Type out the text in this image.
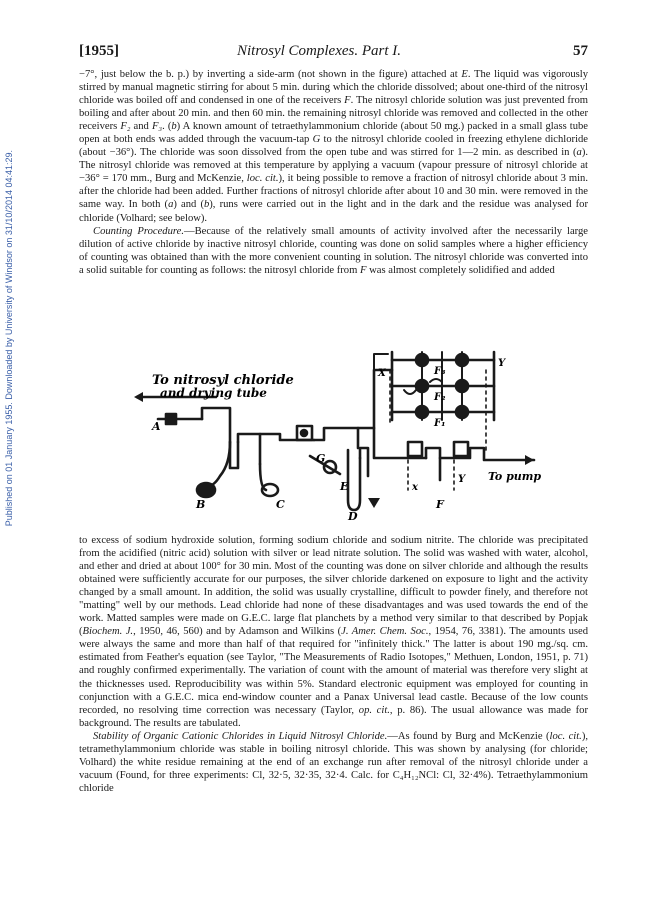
Published on 01 January 1955. Downloaded by University of Windsor on 31/10/2014 04:41:29.
[1955]	Nitrosyl Complexes. Part I.	57

−7°, just below the b. p.) by inverting a side-arm (not shown in the figure) attached at E. The liquid was vigorously stirred by manual magnetic stirring for about 5 min. during which the chloride dissolved; about one-third of the nitrosyl chloride was boiled off and condensed in one of the receivers F. The nitrosyl chloride solution was just prevented from boiling and after about 20 min. and then 60 min. the remaining nitrosyl chloride was removed and collected in the other receivers F₂ and F₃. (b) A known amount of tetraethylammonium chloride (about 50 mg.) packed in a small glass tube open at both ends was added through the vacuum-tap G to the nitrosyl chloride cooled in freezing ethylene dichloride (about −36°). The chloride was soon dissolved from the open tube and was stirred for 1—2 min. as described in (a). The nitrosyl chloride was removed at this temperature by applying a vacuum (vapour pressure of nitrosyl chloride at −36° = 170 mm., Burg and McKenzie, loc. cit.), it being possible to remove a fraction of nitrosyl chloride about 3 min. after the chloride had been added. Further fractions of nitrosyl chloride after about 10 and 30 min. were removed in the same way. In both (a) and (b), runs were carried out in the light and in the dark and the residue was analysed for chloride (Volhard; see below).

Counting Procedure.—Because of the relatively small amounts of activity involved after the necessarily large dilution of active chloride by inactive nitrosyl chloride, counting was done on solid samples where a higher efficiency of counting was obtained than with the more convenient counting in solution. The nitrosyl chloride was converted into a solid suitable for counting as follows: the nitrosyl chloride from F was almost completely solidified and added

To nitrosyl chloride
and drying tube
To pump
A
B	C
D
E
F
G
F₁
F₂
F₃
X
Y
x
Y

to excess of sodium hydroxide solution, forming sodium chloride and sodium nitrite. The chloride was precipitated from the acidified (nitric acid) solution with silver or lead nitrate solution. The solid was washed with water, alcohol, and ether and dried at about 100° for 30 min. Most of the counting was done on silver chloride and although the results obtained were sufficiently accurate for our purposes, the silver chloride darkened on exposure to light and the activity changed by a small amount. In addition, the solid was usually crystalline, difficult to powder finely, and therefore not "matting" well by our methods. Lead chloride had none of these disadvantages and was used towards the end of the work. Matted samples were made on G.E.C. large flat planchets by a method very similar to that described by Popjak (Biochem. J., 1950, 46, 560) and by Adamson and Wilkins (J. Amer. Chem. Soc., 1954, 76, 3381). The amounts used were always the same and more than half of that required for "infinitely thick." The latter is about 190 mg./sq. cm. estimated from Feather's equation (see Taylor, "The Measurements of Radio Isotopes," Methuen, London, 1951, p. 71) and roughly confirmed experimentally. The variation of count with the amount of material was therefore very slight at the thicknesses used. Reproducibility was within 5%. Standard electronic equipment was employed for counting in conjunction with a G.E.C. mica end-window counter and a Panax Universal lead castle. Because of the low counts recorded, no resolving time correction was necessary (Taylor, op. cit., p. 86). The usual allowance was made for background. The results are tabulated.

Stability of Organic Cationic Chlorides in Liquid Nitrosyl Chloride.—As found by Burg and McKenzie (loc. cit.), tetramethylammonium chloride was stable in boiling nitrosyl chloride. This was shown by analysing (for chloride; Volhard) the white residue remaining at the end of an exchange run after removal of the nitrosyl chloride under a vacuum (Found, for three experiments: Cl, 32·5, 32·35, 32·4. Calc. for C₄H₁₂NCl: Cl, 32·4%). Tetraethylammonium chloride
